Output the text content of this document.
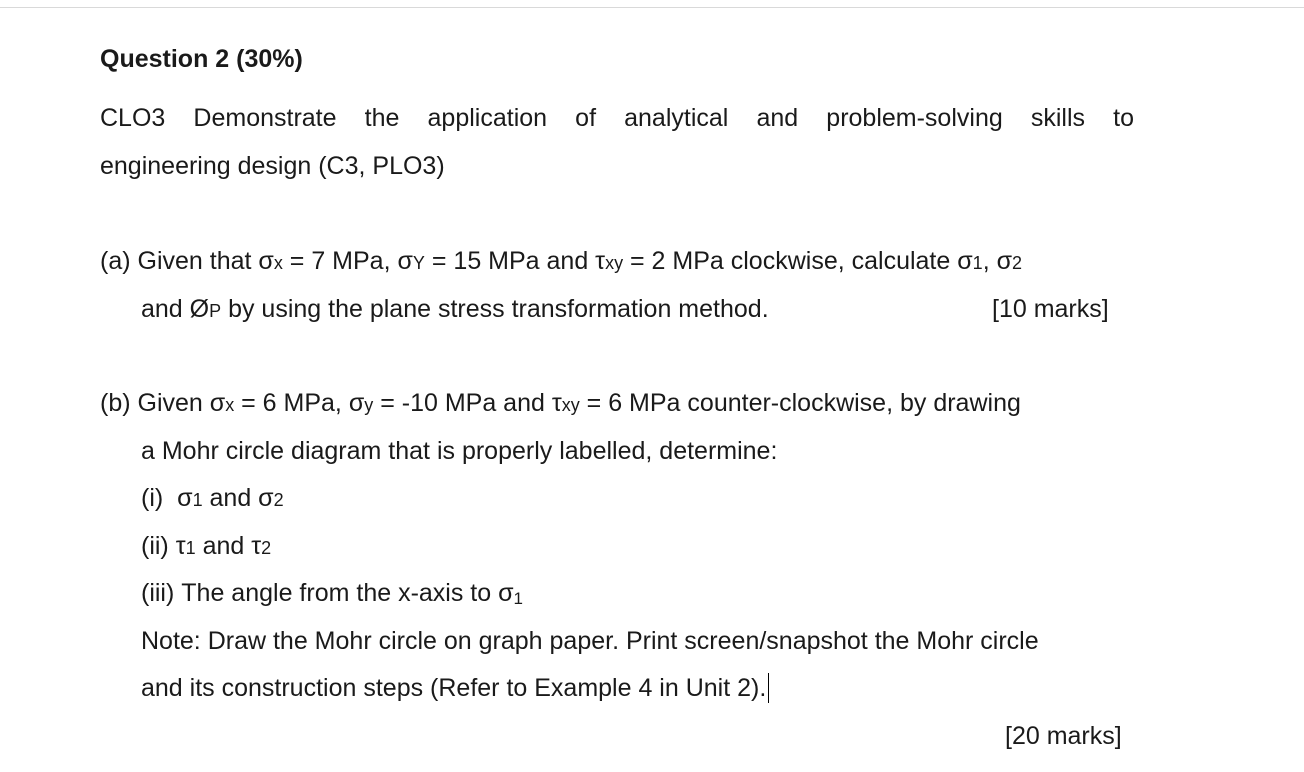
Question 2 (30%)
CLO3 Demonstrate the application of analytical and problem-solving skills to
engineering design (C3, PLO3)
(a) Given that σx = 7 MPa, σY = 15 MPa and τxy = 2 MPa clockwise, calculate σ1, σ2
and ØP by using the plane stress transformation method.	[10 marks]
(b) Given σx = 6 MPa, σy = -10 MPa and τxy = 6 MPa counter-clockwise, by drawing
a Mohr circle diagram that is properly labelled, determine:
(i) σ1 and σ2
(ii) τ1 and τ2
(iii) The angle from the x-axis to σ1
Note: Draw the Mohr circle on graph paper. Print screen/snapshot the Mohr circle
and its construction steps (Refer to Example 4 in Unit 2).
[20 marks]
